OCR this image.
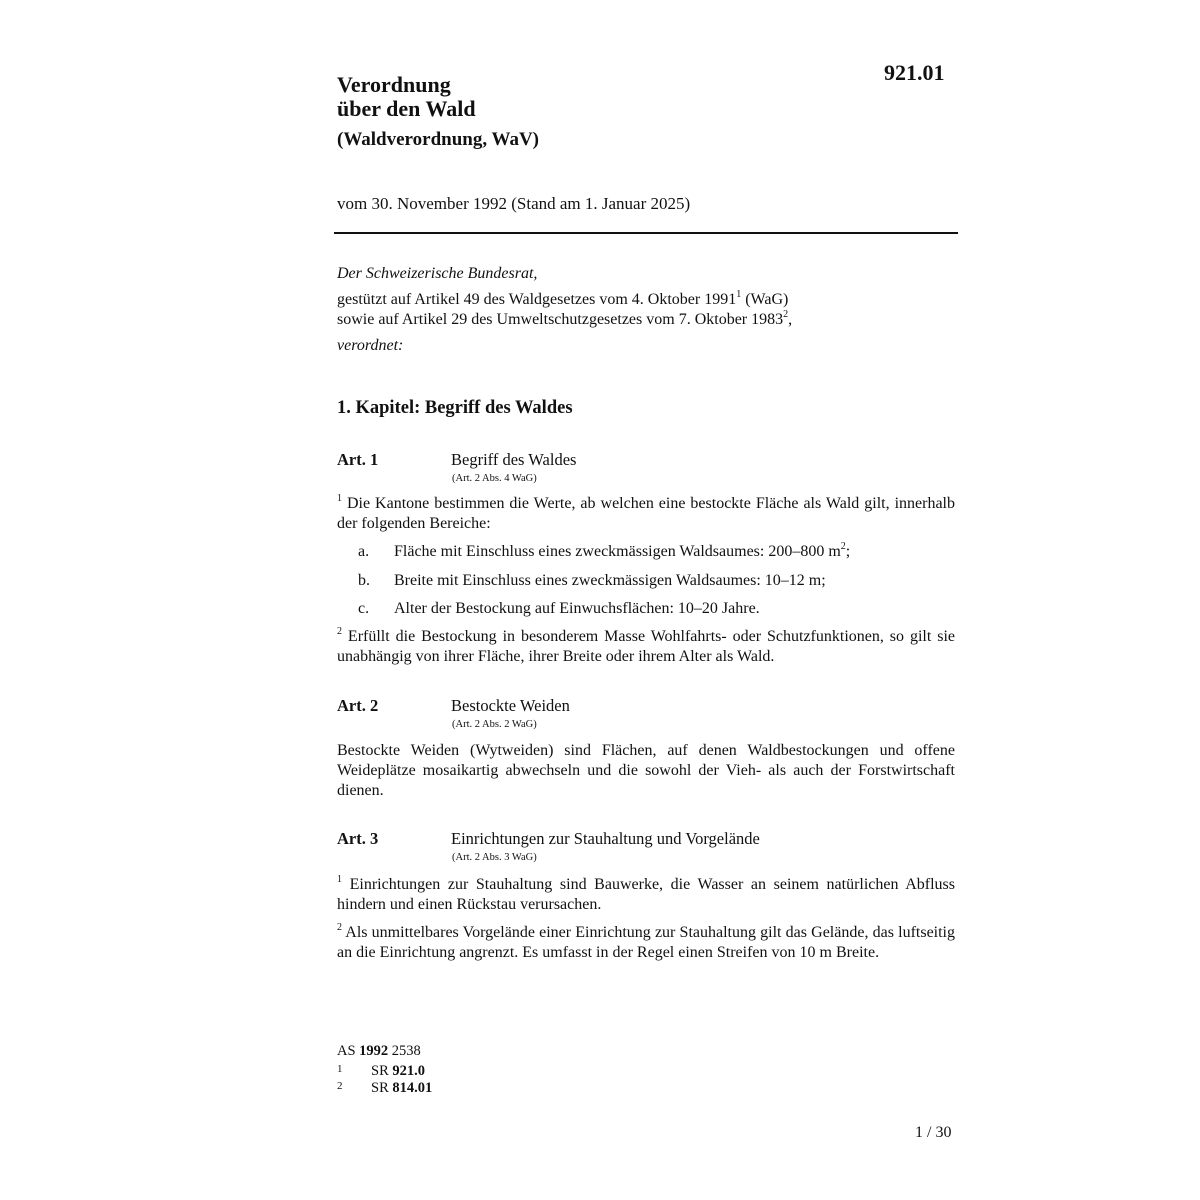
921.01
Verordnung
über den Wald
(Waldverordnung, WaV)
vom 30. November 1992 (Stand am 1. Januar 2025)
Der Schweizerische Bundesrat,
gestützt auf Artikel 49 des Waldgesetzes vom 4. Oktober 1991$^1$ (WaG)
sowie auf Artikel 29 des Umweltschutzgesetzes vom 7. Oktober 1983$^2$,
verordnet:
1. Kapitel: Begriff des Waldes
Art. 1	Begriff des Waldes
(Art. 2 Abs. 4 WaG)
$^1$ Die Kantone bestimmen die Werte, ab welchen eine bestockte Fläche als Wald gilt, innerhalb der folgenden Bereiche:
a. Fläche mit Einschluss eines zweckmässigen Waldsaumes: 200–800 $m^2$;
b. Breite mit Einschluss eines zweckmässigen Waldsaumes: 10–12 m;
c. Alter der Bestockung auf Einwuchsflächen: 10–20 Jahre.
$^2$ Erfüllt die Bestockung in besonderem Masse Wohlfahrts- oder Schutzfunktionen, so gilt sie unabhängig von ihrer Fläche, ihrer Breite oder ihrem Alter als Wald.
Art. 2	Bestockte Weiden
(Art. 2 Abs. 2 WaG)
Bestockte Weiden (Wytweiden) sind Flächen, auf denen Waldbestockungen und offene Weideplätze mosaikartig abwechseln und die sowohl der Vieh- als auch der Forstwirtschaft dienen.
Art. 3	Einrichtungen zur Stauhaltung und Vorgelände
(Art. 2 Abs. 3 WaG)
$^1$ Einrichtungen zur Stauhaltung sind Bauwerke, die Wasser an seinem natürlichen Abfluss hindern und einen Rückstau verursachen.
$^2$ Als unmittelbares Vorgelände einer Einrichtung zur Stauhaltung gilt das Gelände, das luftseitig an die Einrichtung angrenzt. Es umfasst in der Regel einen Streifen von 10 m Breite.
AS 1992 2538
1 SR 921.0
2 SR 814.01
1 / 30
